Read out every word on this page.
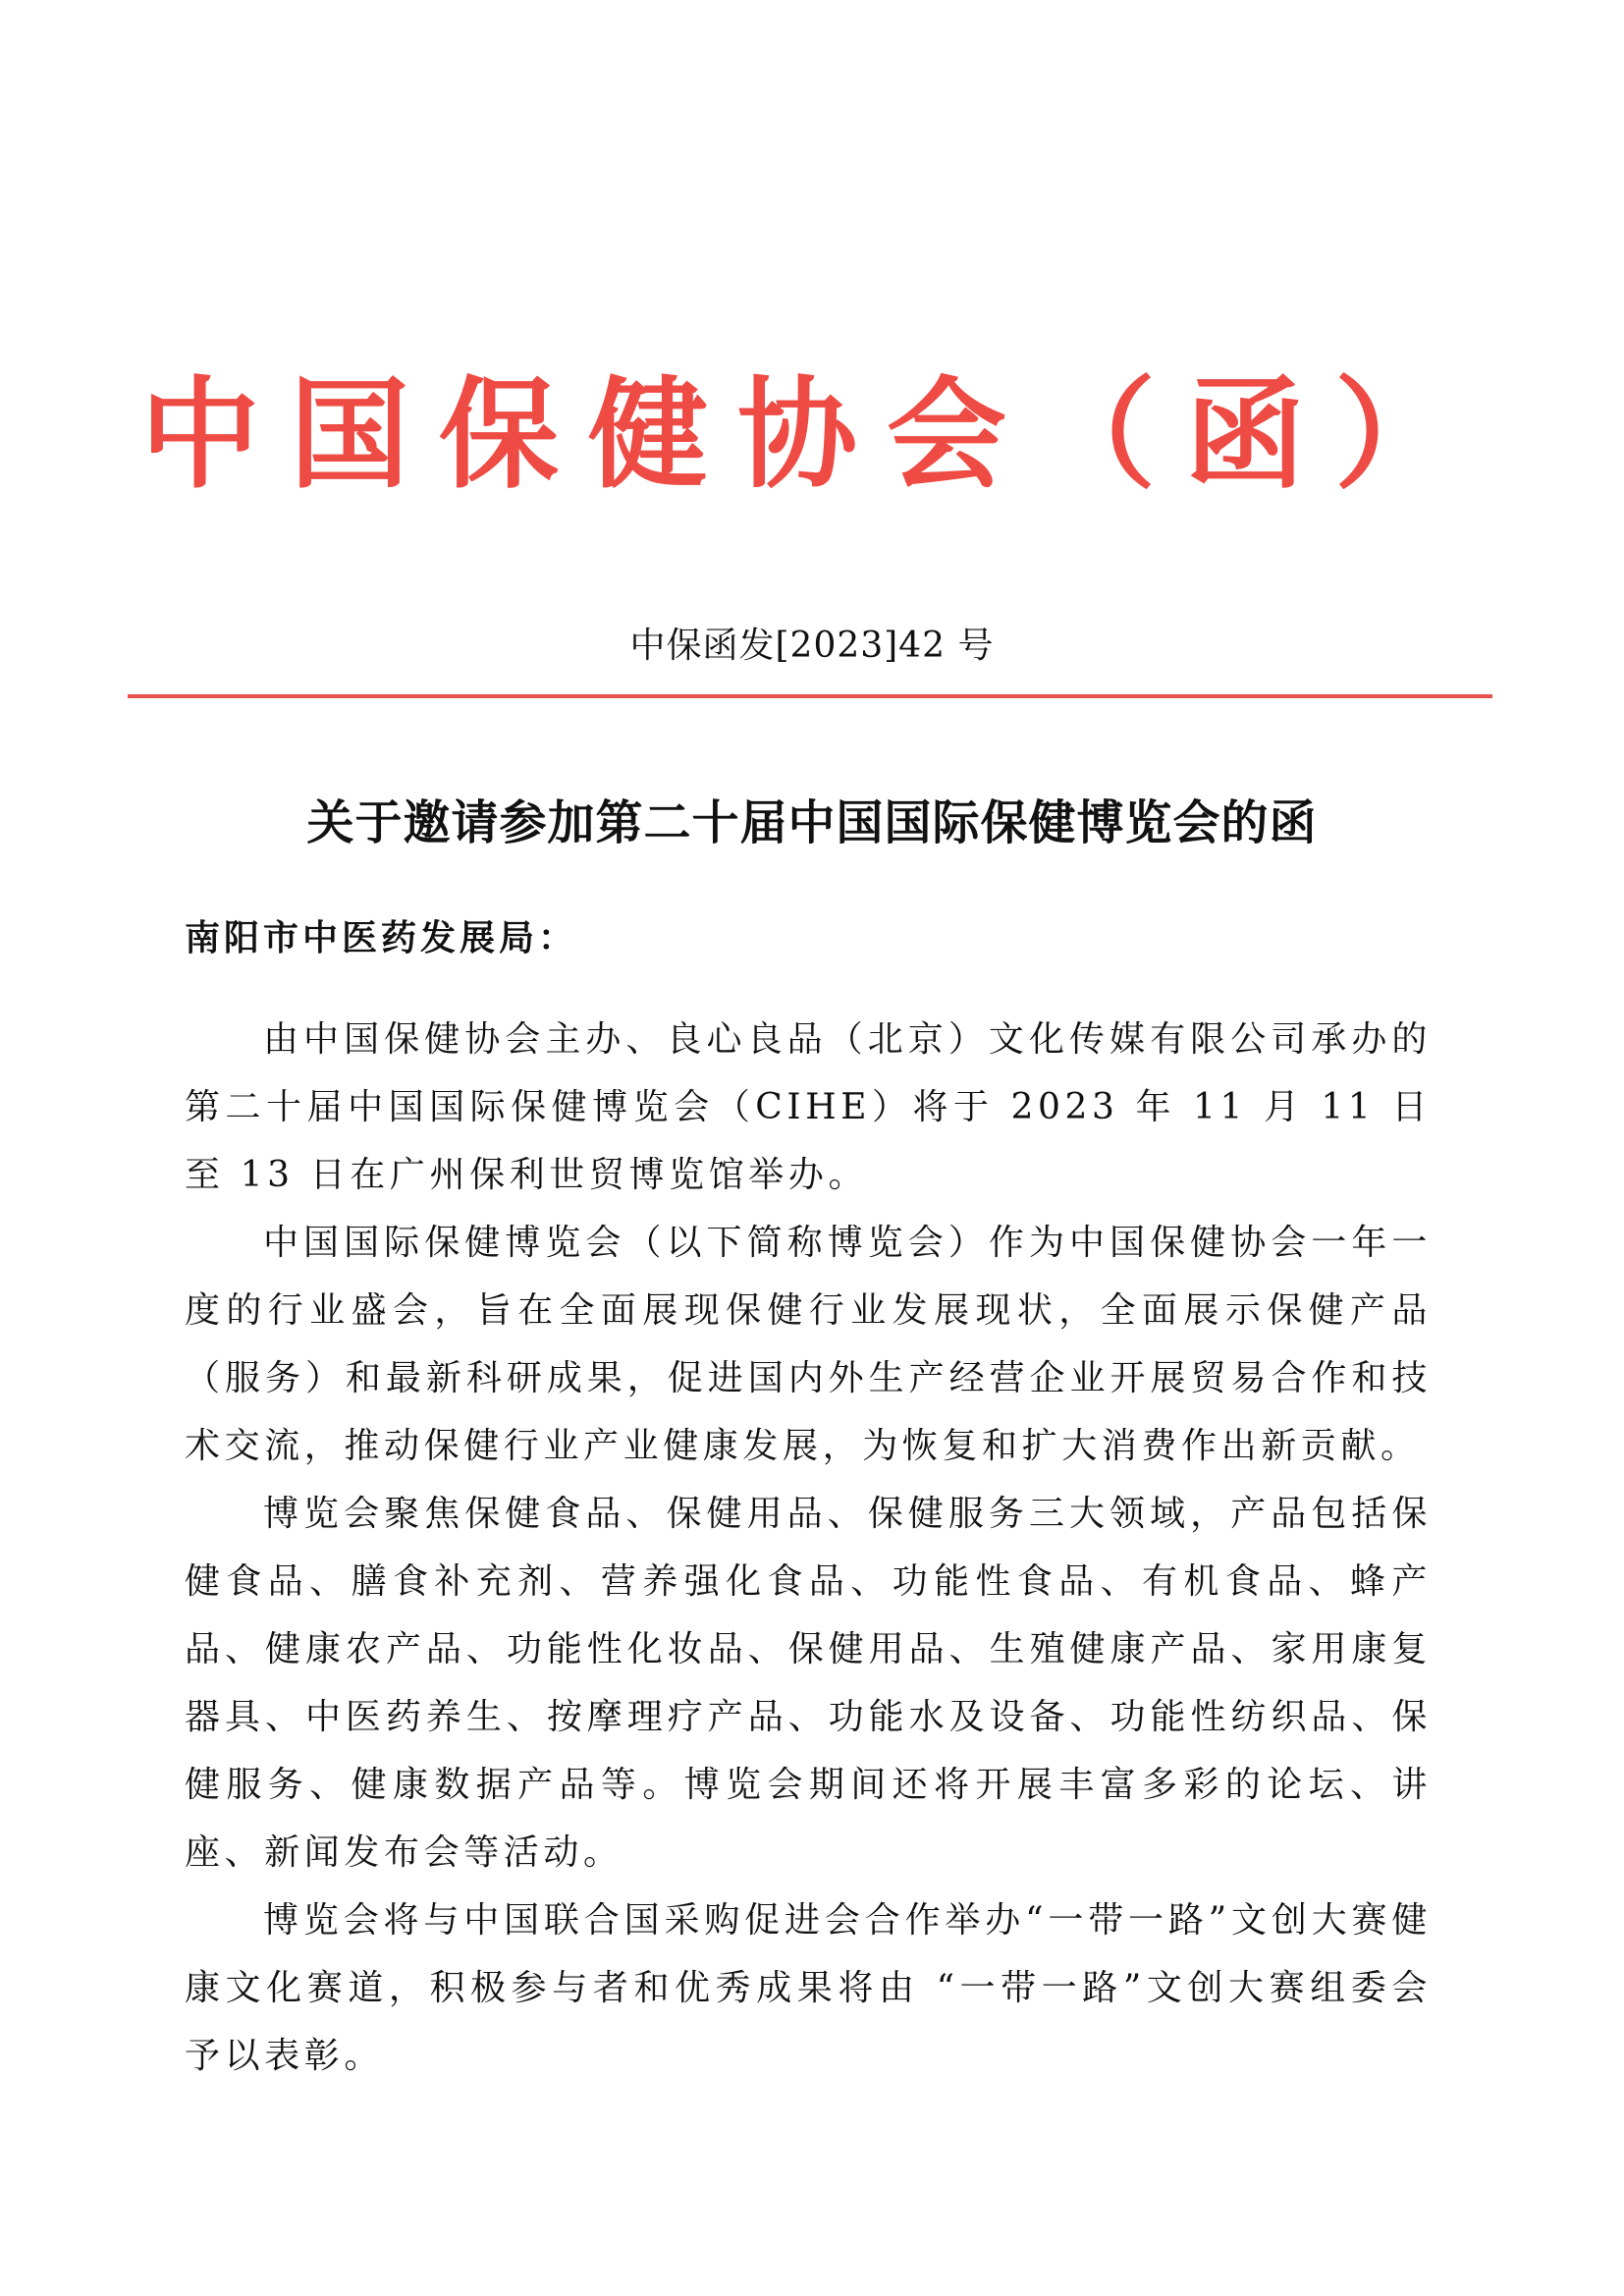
中国保健协会（函）
中保函发[2023]42 号
关于邀请参加第二十届中国国际保健博览会的函
南阳市中医药发展局：

由中国保健协会主办、良心良品（北京）文化传媒有限公司承办的第二十届中国国际保健博览会（CIHE）将于 2023 年 11 月 11 日至 13 日在广州保利世贸博览馆举办。

中国国际保健博览会（以下简称博览会）作为中国保健协会一年一度的行业盛会，旨在全面展现保健行业发展现状，全面展示保健产品（服务）和最新科研成果，促进国内外生产经营企业开展贸易合作和技术交流，推动保健行业产业健康发展，为恢复和扩大消费作出新贡献。

博览会聚焦保健食品、保健用品、保健服务三大领域，产品包括保健食品、膳食补充剂、营养强化食品、功能性食品、有机食品、蜂产品、健康农产品、功能性化妆品、保健用品、生殖健康产品、家用康复器具、中医药养生、按摩理疗产品、功能水及设备、功能性纺织品、保健服务、健康数据产品等。博览会期间还将开展丰富多彩的论坛、讲座、新闻发布会等活动。

博览会将与中国联合国采购促进会合作举办“一带一路”文创大赛健康文化赛道，积极参与者和优秀成果将由 “一带一路”文创大赛组委会予以表彰。
